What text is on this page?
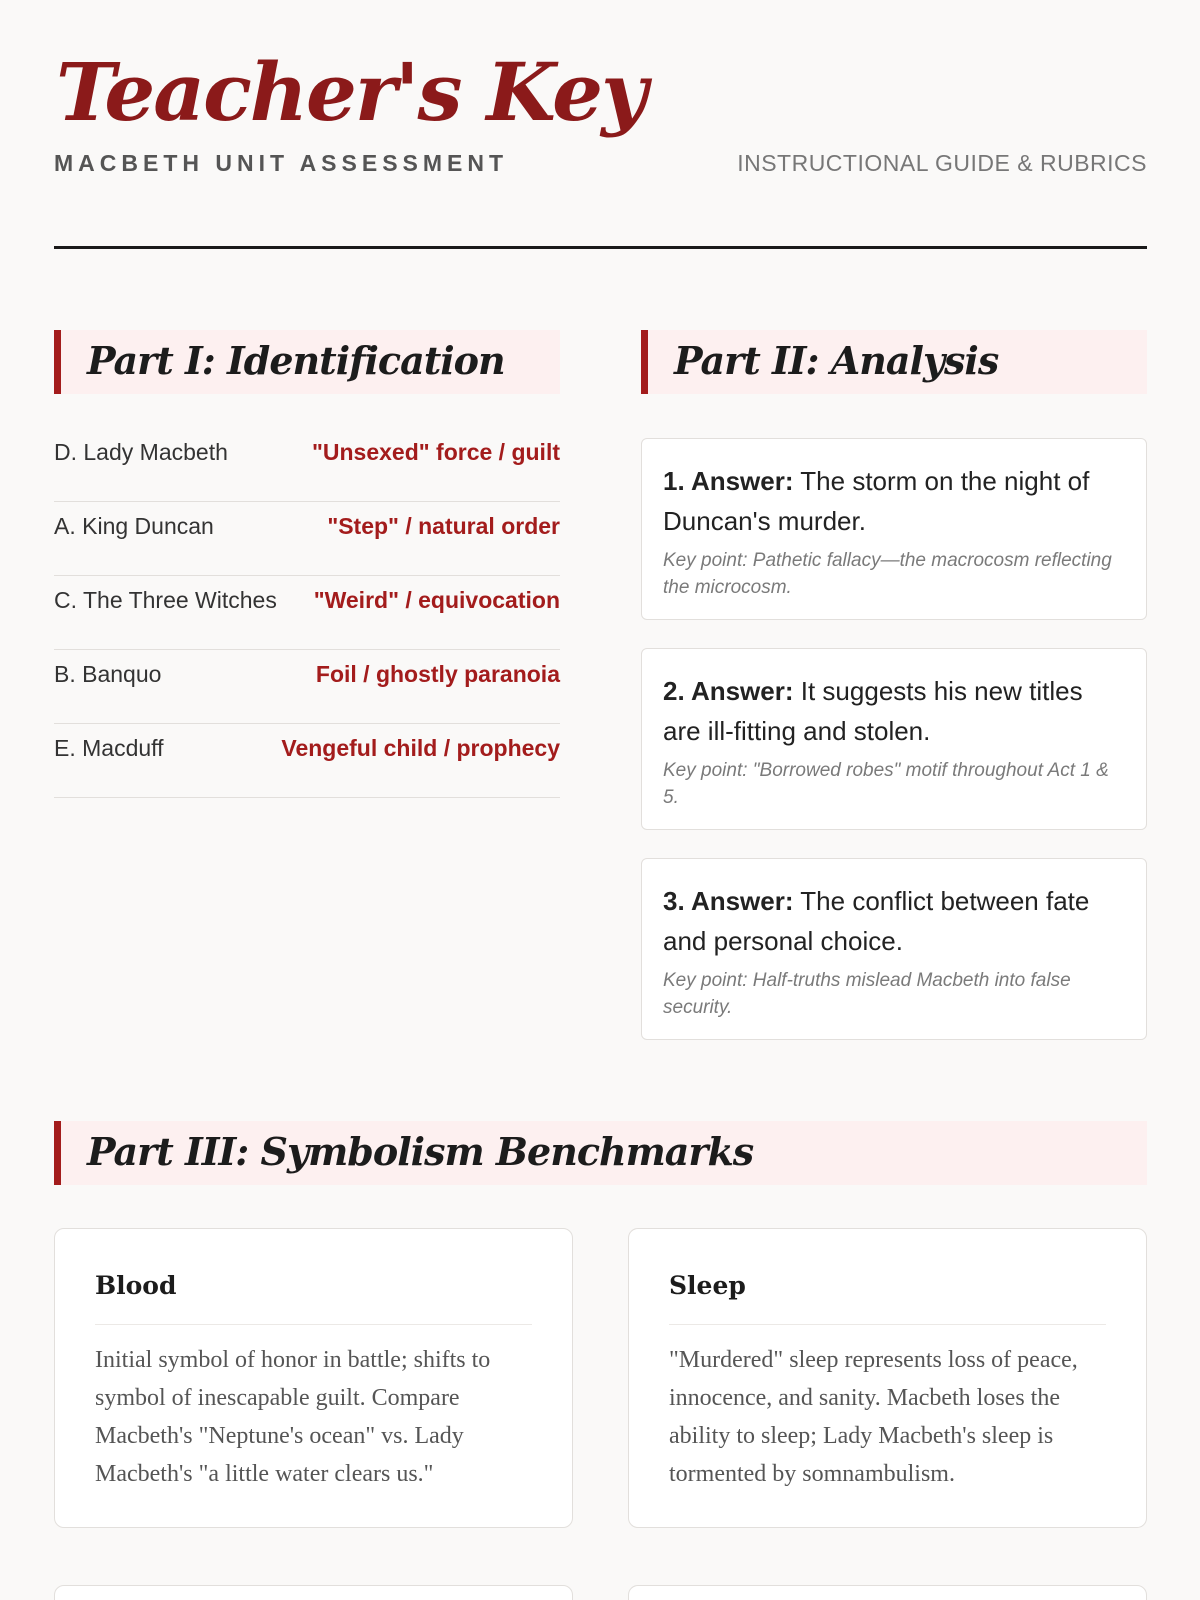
Teacher's Key
MACBETH UNIT ASSESSMENT	INSTRUCTIONAL GUIDE & RUBRICS
Part I: Identification
D. Lady Macbeth	"Unsexed" force / guilt
A. King Duncan	"Step" / natural order
C. The Three Witches "Weird" / equivocation
B. Banquo	Foil / ghostly paranoia
E. Macduff	Vengeful child / prophecy
Part II: Analysis
1. Answer: The storm on the night of Duncan's murder.
Key point: Pathetic fallacy—the macrocosm reflecting the microcosm.
2. Answer: It suggests his new titles are ill-fitting and stolen.
Key point: "Borrowed robes" motif throughout Act 1 & 5.
3. Answer: The conflict between fate and personal choice.
Key point: Half-truths mislead Macbeth into false security.
Part III: Symbolism Benchmarks
Blood
Initial symbol of honor in battle; shifts to symbol of inescapable guilt. Compare Macbeth's "Neptune's ocean" vs. Lady Macbeth's "a little water clears us."
Sleep
"Murdered" sleep represents loss of peace, innocence, and sanity. Macbeth loses the ability to sleep; Lady Macbeth's sleep is tormented by somnambulism.
